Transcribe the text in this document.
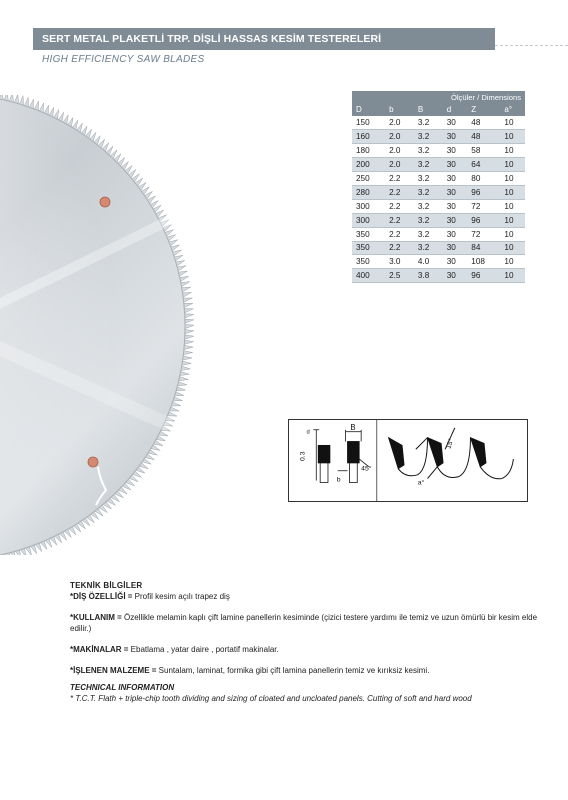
SERT METAL PLAKETLİ TRP. DİŞLİ HASSAS KESİM TESTERELERİ
HIGH EFFICIENCY SAW BLADES
Ölçüler / Dimensions					
D	b	B	d	Z	a°
150	2.0	3.2	30	48	10
160	2.0	3.2	30	48	10
180	2.0	3.2	30	58	10
200	2.0	3.2	30	64	10
250	2.2	3.2	30	80	10
280	2.2	3.2	30	96	10
300	2.2	3.2	30	72	10
300	2.2	3.2	30	96	10
350	2.2	3.2	30	72	10
350	2.2	3.2	30	84	10
350	3.0	4.0	30	108	10
400	2.5	3.8	30	96	10
0.3
B
b
45°
d
15°
a°

TEKNİK BİLGİLER

*DİŞ ÖZELLİĞİ = Profil kesim açılı trapez diş

*KULLANIM = Özellikle melamin kaplı çift lamine panellerin kesiminde (çizici testere yardımı ile temiz ve uzun ömürlü bir kesim elde edilir.)

*MAKİNALAR = Ebatlama , yatar daire , portatif makinalar.

*İŞLENEN MALZEME = Suntalam, laminat, formika gibi çift lamina panellerin temiz ve kırıksiz kesimi.

TECHNICAL INFORMATION

* T.C.T. Flath + triple-chip tooth dividing and sizing of cloated and uncloated panels. Cutting of soft and hard wood
